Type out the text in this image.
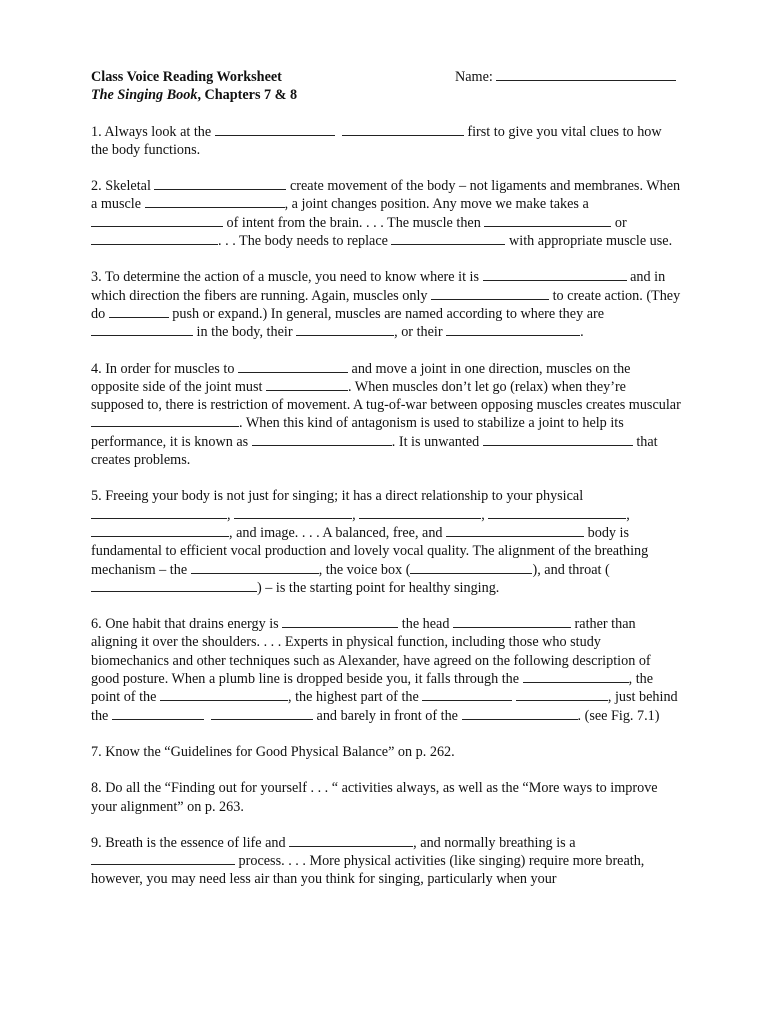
Class Voice Reading Worksheet	Name:
The Singing Book, Chapters 7 & 8
1. Always look at the	first to give you vital clues to how the body functions.
2. Skeletal	create movement of the body – not ligaments and membranes. When a muscle	, a joint changes position. Any move we make takes a  of intent from the brain. . . . The muscle then	or . . . The body needs to replace	with appropriate muscle use.
3. To determine the action of a muscle, you need to know where it is	and in which direction the fibers are running. Again, muscles only	to create action. (They do	push or expand.) In general, muscles are named according to where they are  in the body, their	, or their	.
4. In order for muscles to	and move a joint in one direction, muscles on the opposite side of the joint must	. When muscles don’t let go (relax) when they’re supposed to, there is restriction of movement. A tug-of-war between opposing muscles creates muscular . When this kind of antagonism is used to stabilize a joint to help its performance, it is known as	. It is unwanted	that creates problems.
5. Freeing your body is not just for singing; it has a direct relationship to your physical ,	,	,	, , and image. . . . A balanced, free, and	body is fundamental to efficient vocal production and lovely vocal quality. The alignment of the breathing mechanism – the	, the voice box (	), and throat () – is the starting point for healthy singing.
6. One habit that drains energy is	the head	rather than aligning it over the shoulders. . . . Experts in physical function, including those who study biomechanics and other techniques such as Alexander, have agreed on the following description of good posture. When a plumb line is dropped beside you, it falls through the	, the point of the	, the highest part of the	, just behind the	and barely in front of the	. (see Fig. 7.1)
7. Know the “Guidelines for Good Physical Balance” on p. 262.
8. Do all the “Finding out for yourself . . . “ activities always, as well as the “More ways to improve your alignment” on p. 263.
9. Breath is the essence of life and	, and normally breathing is a  process. . . . More physical activities (like singing) require more breath, however, you may need less air than you think for singing, particularly when your
